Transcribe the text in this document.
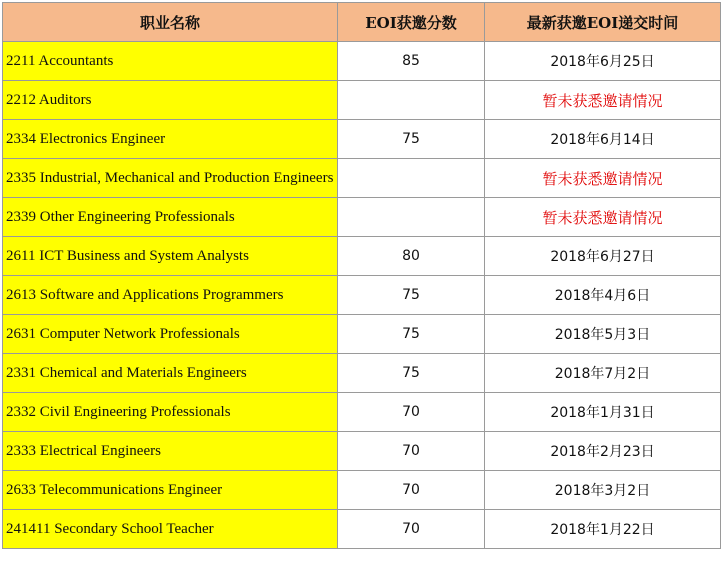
职业名称	EOI获邀分数	最新获邀EOI递交时间
2211 Accountants	85	2018年6月25日
2212 Auditors		暂未获悉邀请情况
2334 Electronics Engineer	75	2018年6月14日
2335 Industrial, Mechanical and Production Engineers		暂未获悉邀请情况
2339 Other Engineering Professionals		暂未获悉邀请情况
2611 ICT Business and System Analysts	80	2018年6月27日
2613 Software and Applications Programmers	75	2018年4月6日
2631 Computer Network Professionals	75	2018年5月3日
2331 Chemical and Materials Engineers	75	2018年7月2日
2332 Civil Engineering Professionals	70	2018年1月31日
2333 Electrical Engineers	70	2018年2月23日
2633 Telecommunications Engineer	70	2018年3月2日
241411 Secondary School Teacher	70	2018年1月22日
